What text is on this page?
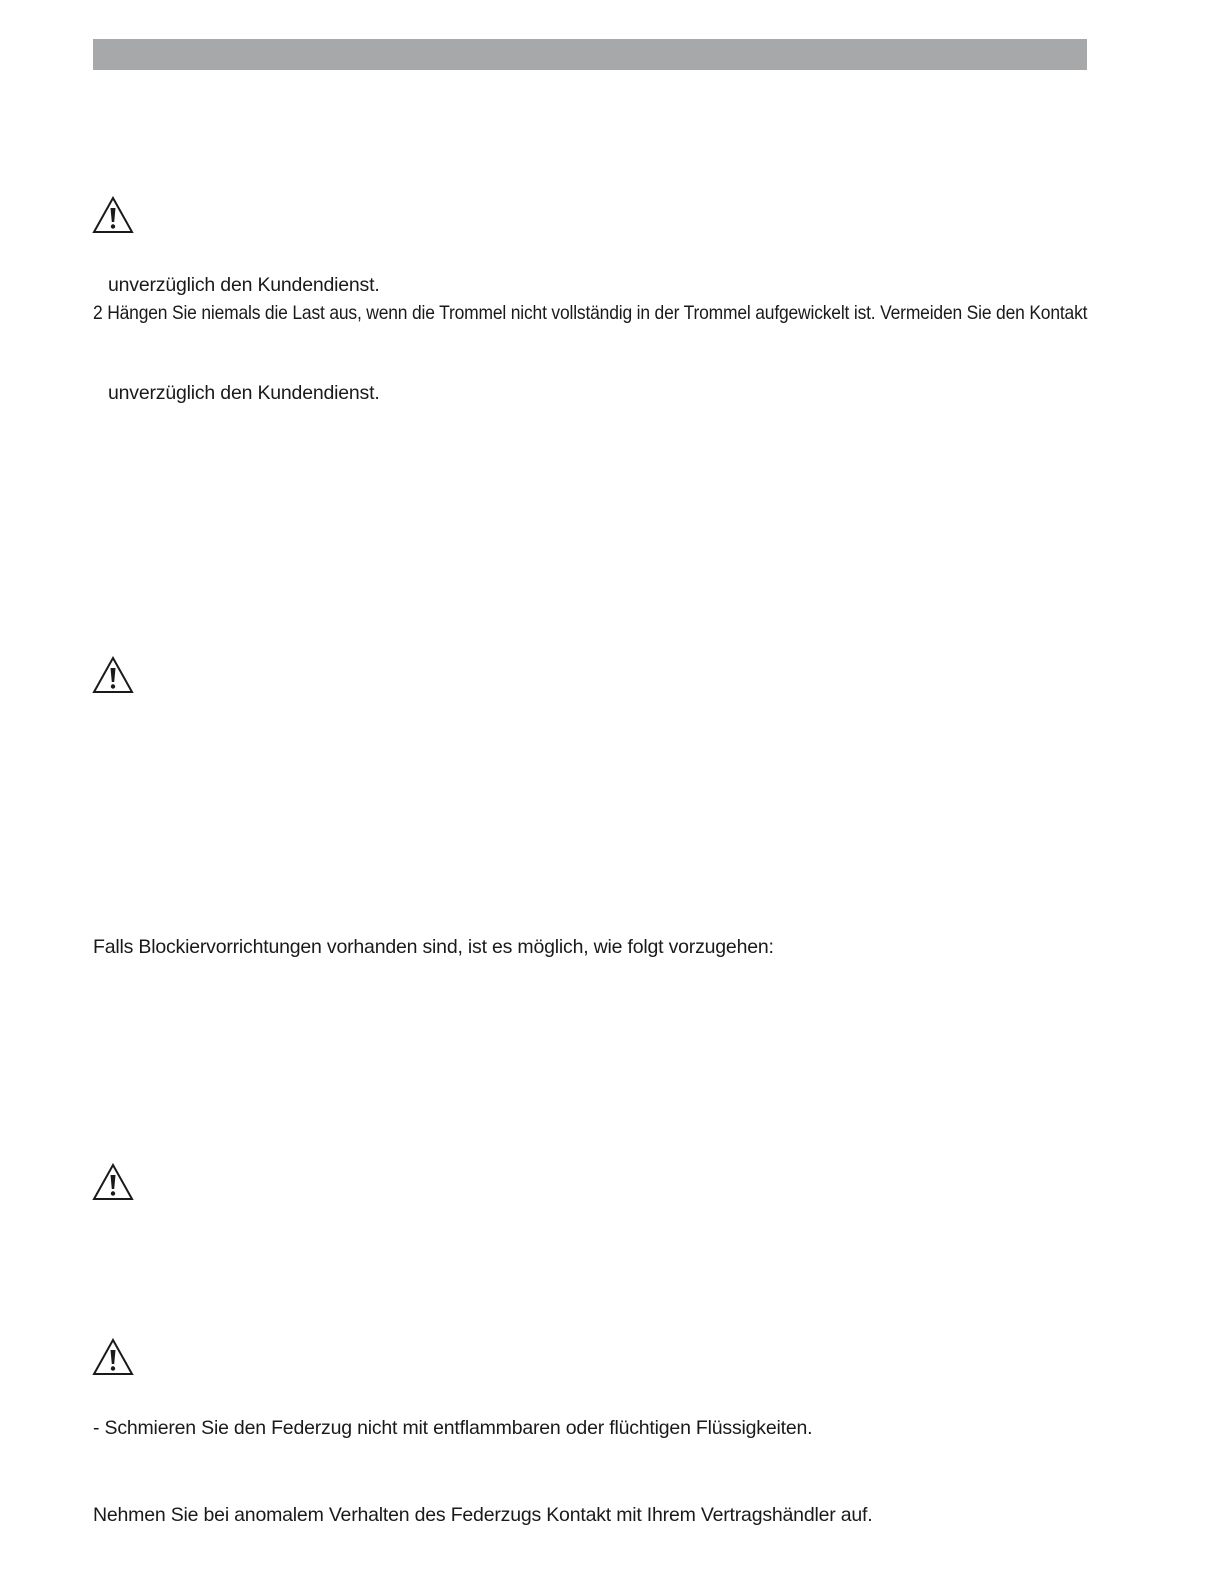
unverzüglich den Kundendienst.
2 Hängen Sie niemals die Last aus, wenn die Trommel nicht vollständig in der Trommel aufgewickelt ist. Vermeiden Sie den Kontakt
unverzüglich den Kundendienst.
Falls Blockiervorrichtungen vorhanden sind, ist es möglich, wie folgt vorzugehen:
- Schmieren Sie den Federzug nicht mit entflammbaren oder flüchtigen Flüssigkeiten.
Nehmen Sie bei anomalem Verhalten des Federzugs Kontakt mit Ihrem Vertragshändler auf.
